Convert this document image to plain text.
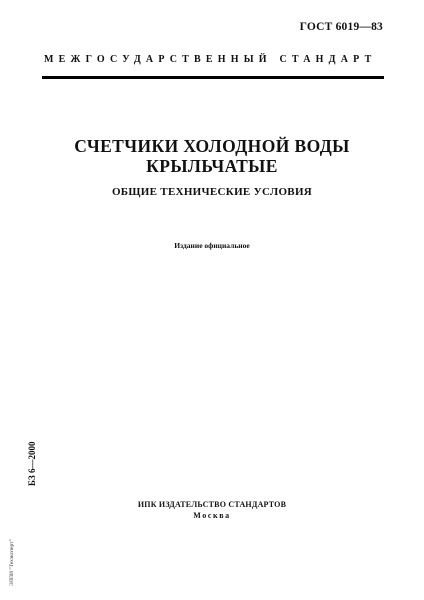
ГОСТ 6019—83
МЕЖГОСУДАРСТВЕННЫЙ СТАНДАРТ
СЧЕТЧИКИ ХОЛОДНОЙ ВОДЫ
КРЫЛЬЧАТЫЕ
ОБЩИЕ ТЕХНИЧЕСКИЕ УСЛОВИЯ
Издание официальное
БЗ 6—2000
ИПК ИЗДАТЕЛЬСТВО СТАНДАРТОВ
Москва
ЭЛПИ "Техэксперт"
